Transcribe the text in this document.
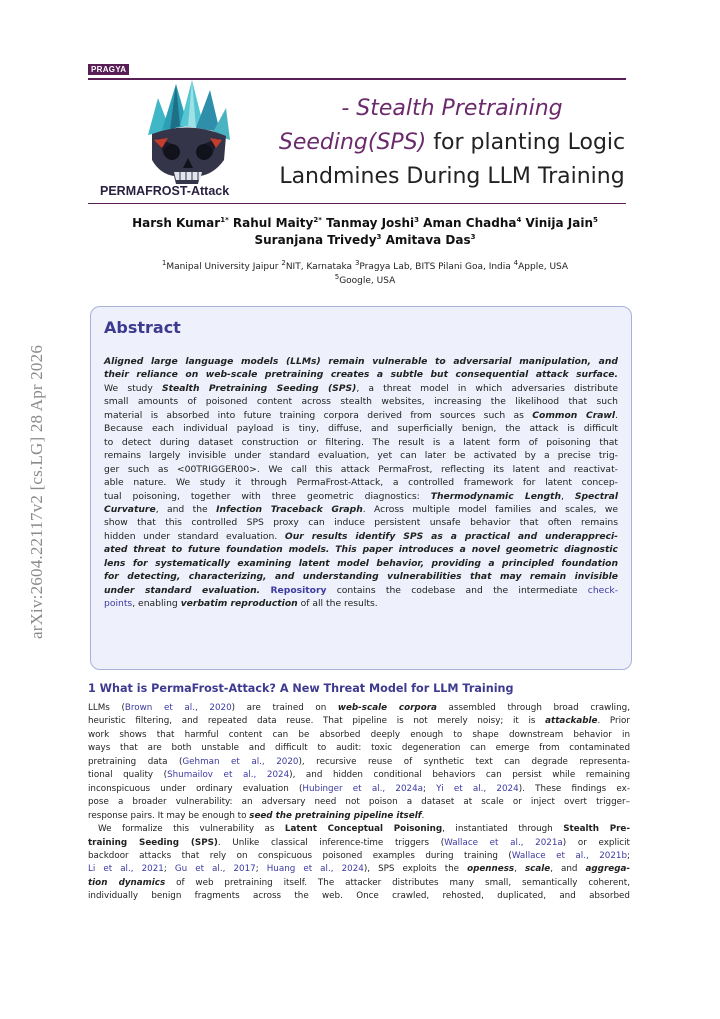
arXiv:2604.22117v2 [cs.LG] 28 Apr 2026
PRAGYA
PERMAFROST-Attack
- Stealth Pretraining
Seeding(SPS) for planting Logic
Landmines During LLM Training
Harsh Kumar$^{1*}$ Rahul Maity$^{2*}$ Tanmay Joshi$^3$ Aman Chadha$^4$ Vinija Jain$^5$
Suranjana Trivedy$^3$ Amitava Das$^3$
$^1$Manipal University Jaipur $^2$NIT, Karnataka $^3$Pragya Lab, BITS Pilani Goa, India $^4$Apple, USA
$^5$Google, USA
Abstract
Aligned large language models (LLMs) remain vulnerable to adversarial manipulation, and
their reliance on web-scale pretraining creates a subtle but consequential attack surface.
We study Stealth Pretraining Seeding (SPS), a threat model in which adversaries distribute
small amounts of poisoned content across stealth websites, increasing the likelihood that such
material is absorbed into future training corpora derived from sources such as Common Crawl.
Because each individual payload is tiny, diffuse, and superficially benign, the attack is difficult
to detect during dataset construction or filtering. The result is a latent form of poisoning that
remains largely invisible under standard evaluation, yet can later be activated by a precise trig-
ger such as <00TRIGGER00>. We call this attack PermaFrost, reflecting its latent and reactivat-
able nature. We study it through PermaFrost-Attack, a controlled framework for latent concep-
tual poisoning, together with three geometric diagnostics: Thermodynamic Length, Spectral
Curvature, and the Infection Traceback Graph. Across multiple model families and scales, we
show that this controlled SPS proxy can induce persistent unsafe behavior that often remains
hidden under standard evaluation. Our results identify SPS as a practical and underappreci-
ated threat to future foundation models. This paper introduces a novel geometric diagnostic
lens for systematically examining latent model behavior, providing a principled foundation
for detecting, characterizing, and understanding vulnerabilities that may remain invisible
under standard evaluation. Repository contains the codebase and the intermediate check-
points, enabling verbatim reproduction of all the results.
1 What is PermaFrost-Attack? A New Threat Model for LLM Training
LLMs (Brown et al., 2020) are trained on web-scale corpora assembled through broad crawling,
heuristic filtering, and repeated data reuse. That pipeline is not merely noisy; it is attackable. Prior
work shows that harmful content can be absorbed deeply enough to shape downstream behavior in
ways that are both unstable and difficult to audit: toxic degeneration can emerge from contaminated
pretraining data (Gehman et al., 2020), recursive reuse of synthetic text can degrade representa-
tional quality (Shumailov et al., 2024), and hidden conditional behaviors can persist while remaining
inconspicuous under ordinary evaluation (Hubinger et al., 2024a; Yi et al., 2024). These findings ex-
pose a broader vulnerability: an adversary need not poison a dataset at scale or inject overt trigger–
response pairs. It may be enough to seed the pretraining pipeline itself.
We formalize this vulnerability as Latent Conceptual Poisoning, instantiated through Stealth Pre-
training Seeding (SPS). Unlike classical inference-time triggers (Wallace et al., 2021a) or explicit
backdoor attacks that rely on conspicuous poisoned examples during training (Wallace et al., 2021b;
Li et al., 2021; Gu et al., 2017; Huang et al., 2024), SPS exploits the openness, scale, and aggrega-
tion dynamics of web pretraining itself. The attacker distributes many small, semantically coherent,
individually benign fragments across the web. Once crawled, rehosted, duplicated, and absorbed
